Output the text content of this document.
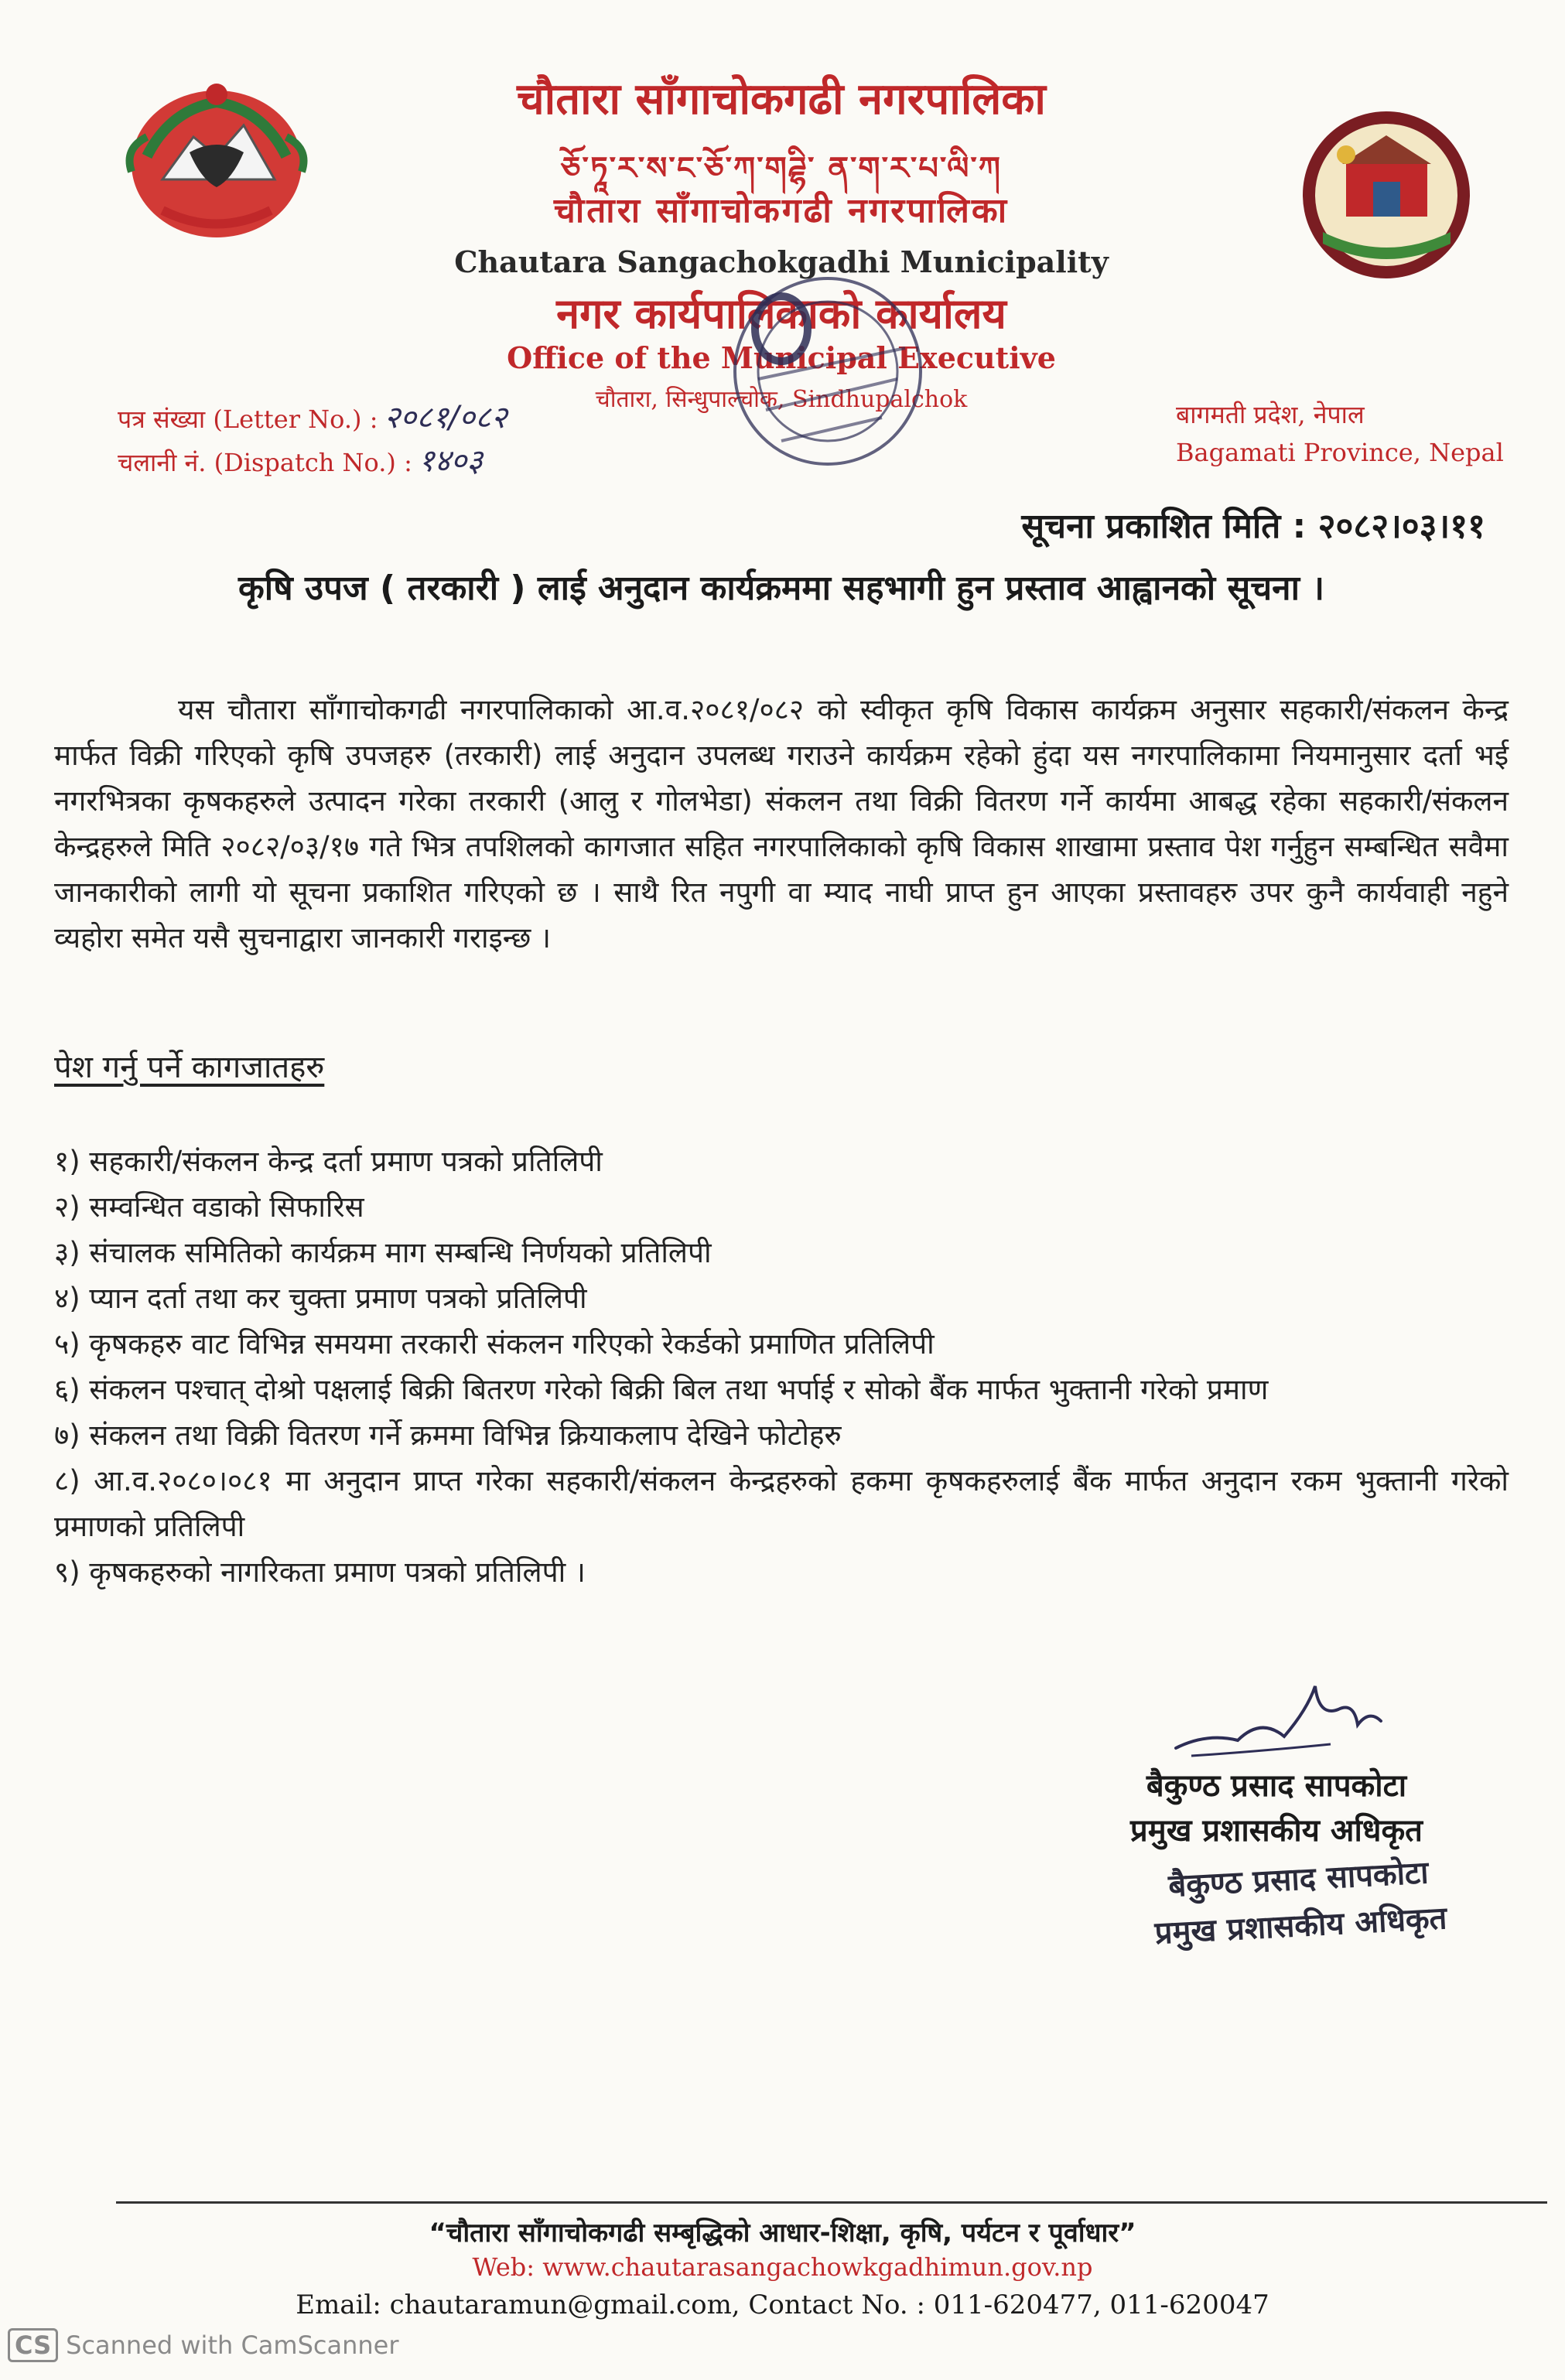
चौतारा साँगाचोकगढी नगरपालिका
ཅོ་ཏཱ་ར་ས་ང་ཅོ་ཀ་གཌྷི་ ན་ག་ར་པ་ལི་ཀ
चौतारा साँगाचोकगढी नगरपालिका
Chautara Sangachokgadhi Municipality
नगर कार्यपालिकाको कार्यालय
Office of the Municipal Executive
चौतारा, सिन्धुपाल्चोक, Sindhupalchok
पत्र संख्या (Letter No.) : २०८१/०८२
चलानी नं. (Dispatch No.) : १४०३
बागमती प्रदेश, नेपाल
Bagamati Province, Nepal
सूचना प्रकाशित मिति : २०८२।०३।११
कृषि उपज ( तरकारी ) लाई अनुदान कार्यक्रममा सहभागी हुन प्रस्ताव आह्वानको सूचना ।
यस चौतारा साँगाचोकगढी नगरपालिकाको आ.व.२०८१/०८२ को स्वीकृत कृषि विकास कार्यक्रम अनुसार सहकारी/संकलन केन्द्र मार्फत विक्री गरिएको कृषि उपजहरु (तरकारी) लाई अनुदान उपलब्ध गराउने कार्यक्रम रहेको हुंदा यस नगरपालिकामा नियमानुसार दर्ता भई नगरभित्रका कृषकहरुले उत्पादन गरेका तरकारी (आलु र गोलभेडा) संकलन तथा विक्री वितरण गर्ने कार्यमा आबद्ध रहेका सहकारी/संकलन केन्द्रहरुले मिति २०८२/०३/१७ गते भित्र तपशिलको कागजात सहित नगरपालिकाको कृषि विकास शाखामा प्रस्ताव पेश गर्नुहुन सम्बन्धित सवैमा जानकारीको लागी यो सूचना प्रकाशित गरिएको छ । साथै रित नपुगी वा म्याद नाघी प्राप्त हुन आएका प्रस्तावहरु उपर कुनै कार्यवाही नहुने व्यहोरा समेत यसै सुचनाद्वारा जानकारी गराइन्छ ।
पेश गर्नु पर्ने कागजातहरु
१) सहकारी/संकलन केन्द्र दर्ता प्रमाण पत्रको प्रतिलिपी
२) सम्वन्धित वडाको सिफारिस
३) संचालक समितिको कार्यक्रम माग सम्बन्धि निर्णयको प्रतिलिपी
४) प्यान दर्ता तथा कर चुक्ता प्रमाण पत्रको प्रतिलिपी
५) कृषकहरु वाट विभिन्न समयमा तरकारी संकलन गरिएको रेकर्डको प्रमाणित प्रतिलिपी
६) संकलन पश्चात् दोश्रो पक्षलाई बिक्री बितरण गरेको बिक्री बिल तथा भर्पाई र सोको बैंक मार्फत भुक्तानी गरेको प्रमाण
७) संकलन तथा विक्री वितरण गर्ने क्रममा विभिन्न क्रियाकलाप देखिने फोटोहरु
८) आ.व.२०८०।०८१ मा अनुदान प्राप्त गरेका सहकारी/संकलन केन्द्रहरुको हकमा कृषकहरुलाई बैंक मार्फत अनुदान रकम भुक्तानी गरेको प्रमाणको प्रतिलिपी
९) कृषकहरुको नागरिकता प्रमाण पत्रको प्रतिलिपी ।
बैकुण्ठ प्रसाद सापकोटा
प्रमुख प्रशासकीय अधिकृत
बैकुण्ठ प्रसाद सापकोटा
प्रमुख प्रशासकीय अधिकृत
“चौतारा साँगाचोकगढी सम्बृद्धिको आधार-शिक्षा, कृषि, पर्यटन र पूर्वाधार”
Web: www.chautarasangachowkgadhimun.gov.np
Email: chautaramun@gmail.com, Contact No. : 011-620477, 011-620047
CS Scanned with CamScanner
